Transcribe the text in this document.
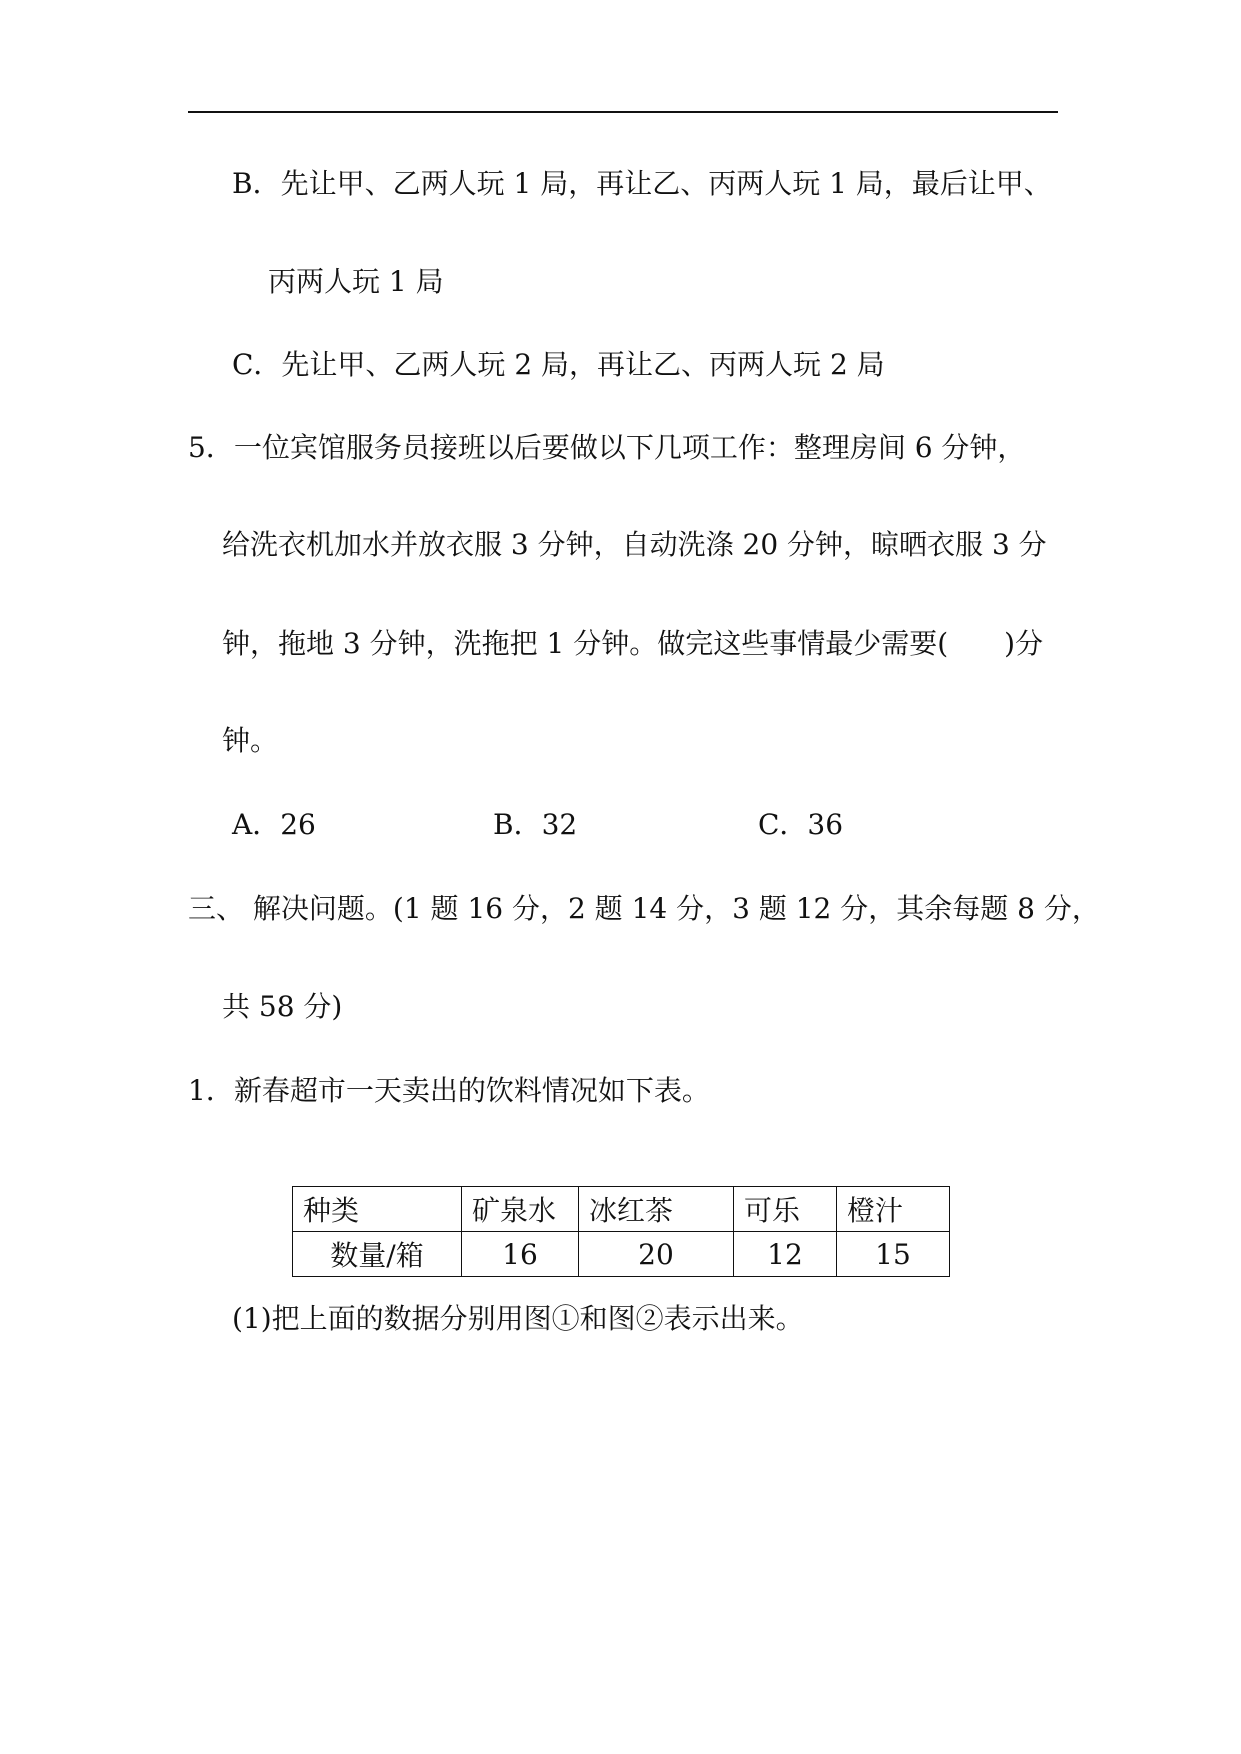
B．先让甲、乙两人玩 1 局，再让乙、丙两人玩 1 局，最后让甲、
丙两人玩 1 局
C．先让甲、乙两人玩 2 局，再让乙、丙两人玩 2 局
5．一位宾馆服务员接班以后要做以下几项工作：整理房间 6 分钟，
给洗衣机加水并放衣服 3 分钟，自动洗涤 20 分钟，晾晒衣服 3 分
钟，拖地 3 分钟，洗拖把 1 分钟。做完这些事情最少需要(　　)分
钟。
A．26	B．32	C．36
三、 解决问题。(1 题 16 分，2 题 14 分，3 题 12 分，其余每题 8 分，
共 58 分)
1．新春超市一天卖出的饮料情况如下表。
种类	矿泉水	冰红茶	可乐	橙汁
数量/箱	16	20	12	15
(1)把上面的数据分别用图①和图②表示出来。
